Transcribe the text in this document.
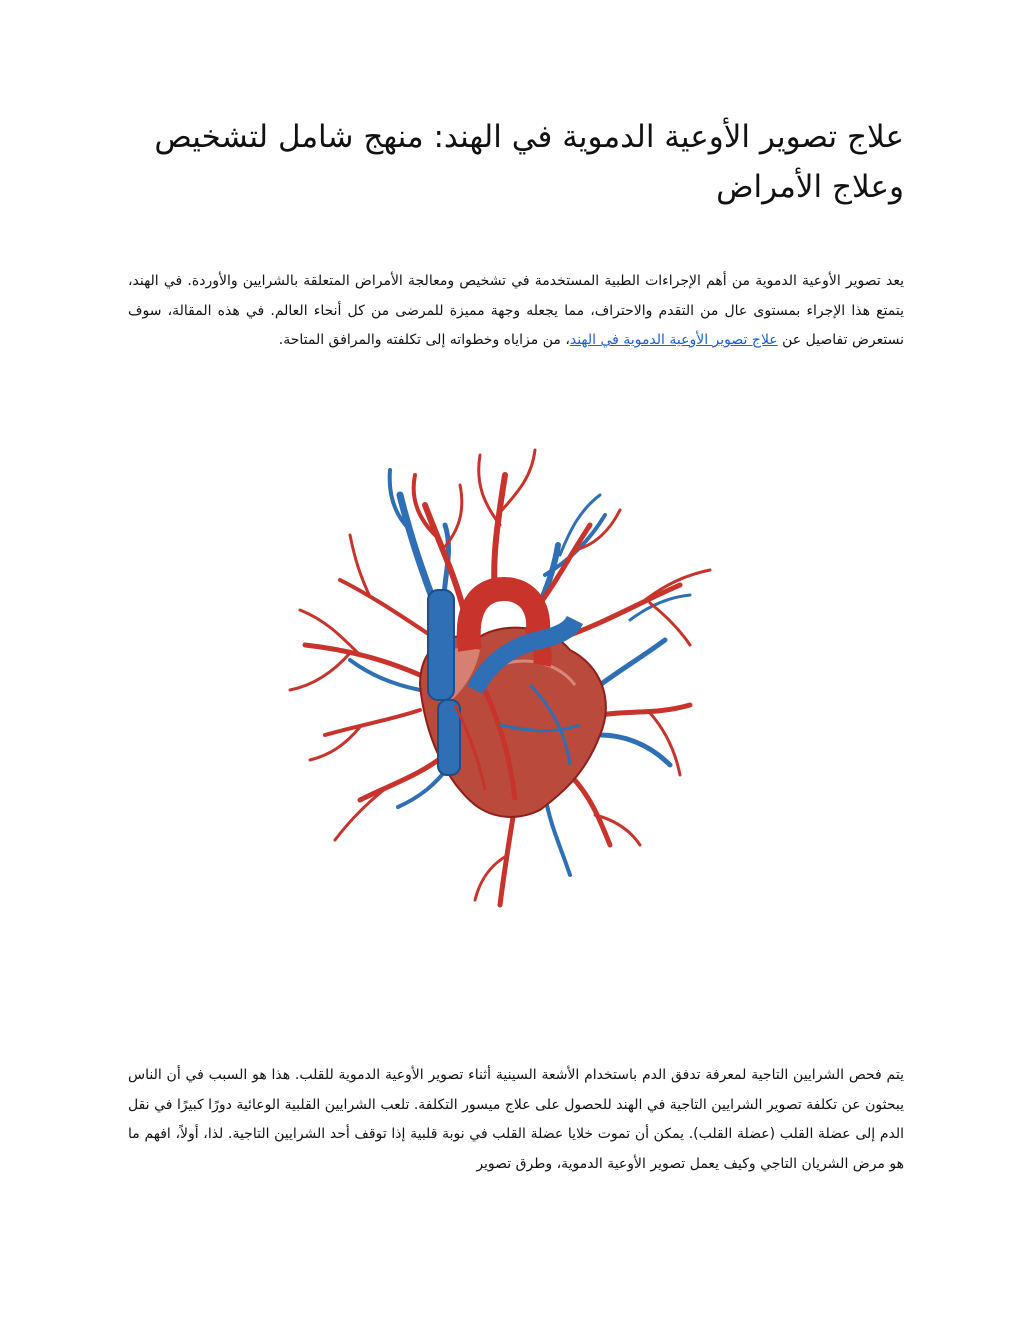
علاج تصوير الأوعية الدموية في الهند: منهج شامل لتشخيص وعلاج الأمراض

يعد تصوير الأوعية الدموية من أهم الإجراءات الطبية المستخدمة في تشخيص ومعالجة الأمراض المتعلقة بالشرايين والأوردة. في الهند، يتمتع هذا الإجراء بمستوى عال من التقدم والاحتراف، مما يجعله وجهة مميزة للمرضى من كل أنحاء العالم. في هذه المقالة، سوف نستعرض تفاصيل عن علاج تصوير الأوعية الدموية في الهند، من مزاياه وخطواته إلى تكلفته والمرافق المتاحة.

يتم فحص الشرايين التاجية لمعرفة تدفق الدم باستخدام الأشعة السينية أثناء تصوير الأوعية الدموية للقلب. هذا هو السبب في أن الناس يبحثون عن تكلفة تصوير الشرايين التاجية في الهند للحصول على علاج ميسور التكلفة. تلعب الشرايين القلبية الوعائية دورًا كبيرًا في نقل الدم إلى عضلة القلب (عضلة القلب). يمكن أن تموت خلايا عضلة القلب في نوبة قلبية إذا توقف أحد الشرايين التاجية. لذا، أولاً، افهم ما هو مرض الشريان التاجي وكيف يعمل تصوير الأوعية الدموية، وطرق تصوير
